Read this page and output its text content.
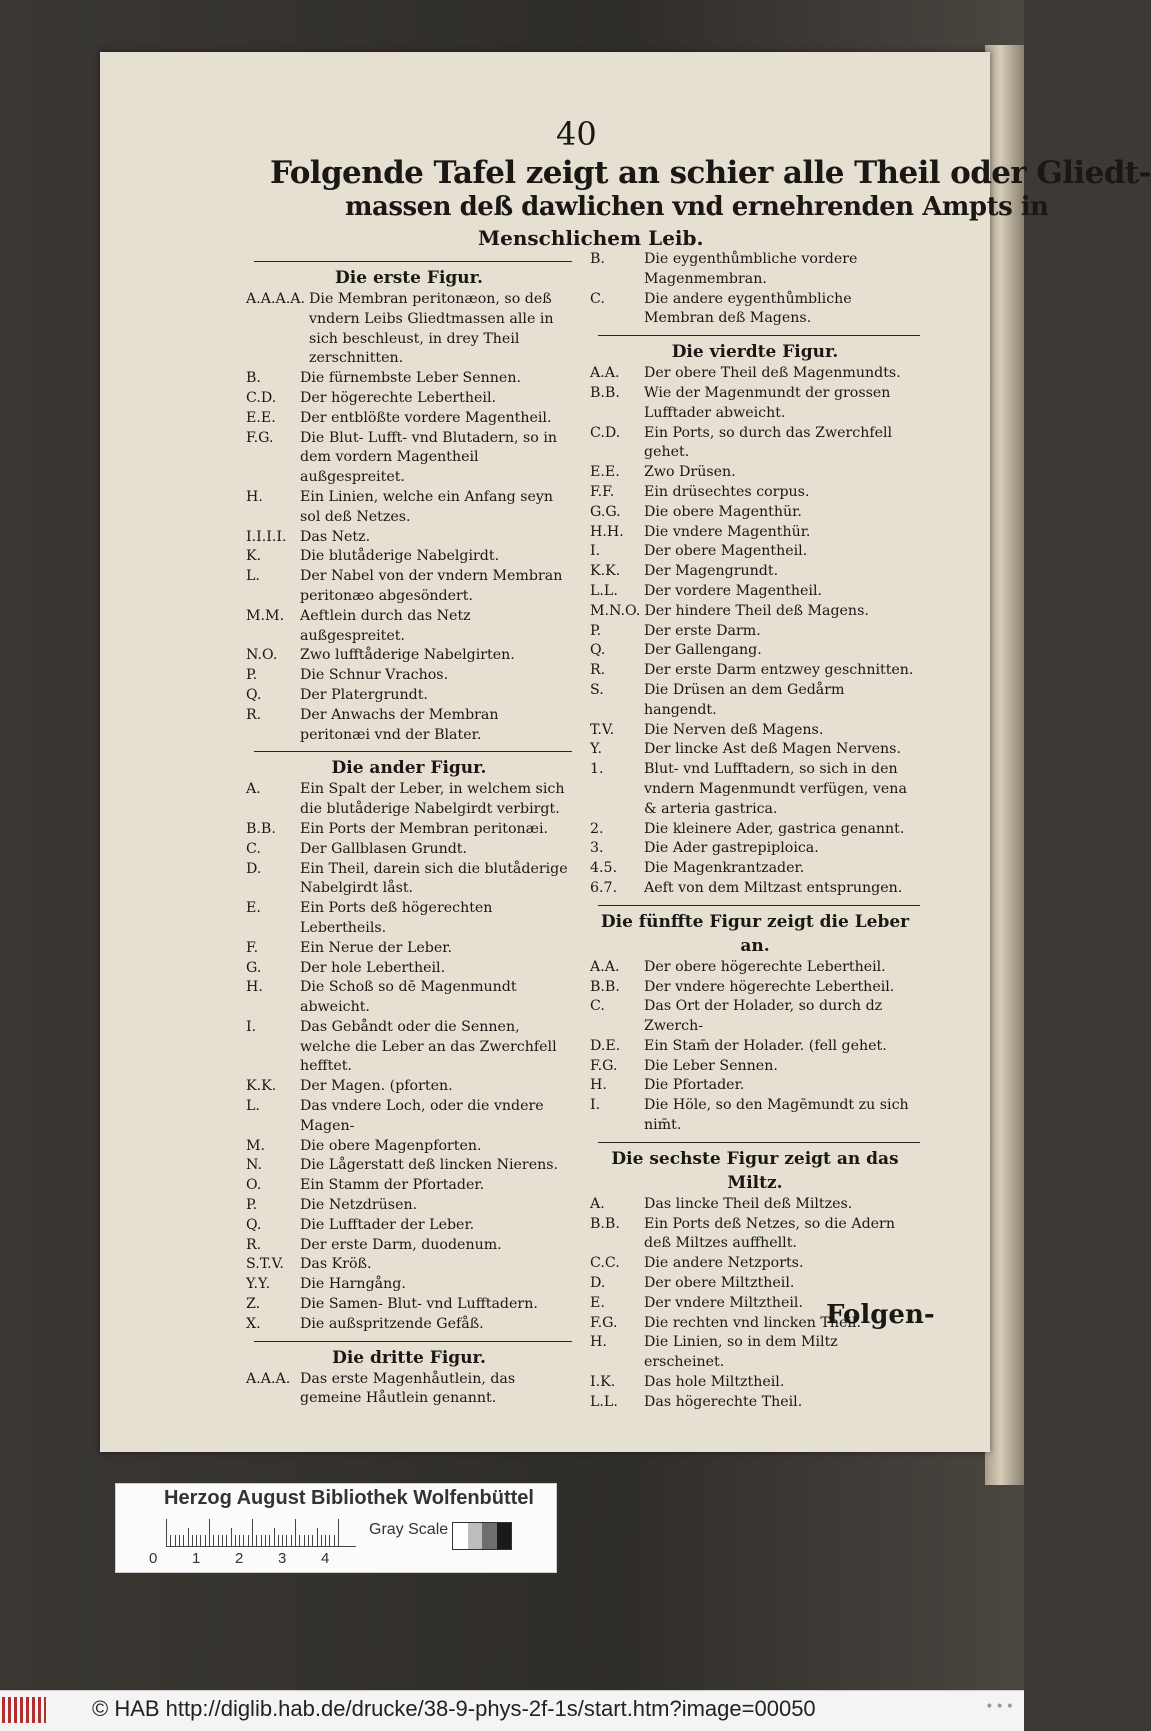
40
Folgende Tafel zeigt an schier alle Theil oder Gliedt-
massen deß dawlichen vnd ernehrenden Ampts in
Menschlichem Leib.
Die erste Figur.
A.A.A.A. Die Membran peritonæon, so deß vndern Leibs Gliedtmassen alle in sich beschleust, in drey Theil zerschnitten.
B.	Die fürnembste Leber Sennen.
C.D.	Der högerechte Lebertheil.
E.E.	Der entblößte vordere Magentheil.
F.G.	Die Blut- Lufft- vnd Blutadern, so in dem vordern Magentheil außgespreitet.
H.	Ein Linien, welche ein Anfang seyn sol deß Netzes.
I.I.I.I. Das Netz.
K.	Die blutåderige Nabelgirdt.
L.	Der Nabel von der vndern Membran peritonæo abgesöndert.
M.M.	Aeftlein durch das Netz außgespreitet.
N.O.	Zwo lufftåderige Nabelgirten.
P.	Die Schnur Vrachos.
Q.	Der Platergrundt.
R.	Der Anwachs der Membran peritonæi vnd der Blater.
Die ander Figur.
A.	Ein Spalt der Leber, in welchem sich die blutåderige Nabelgirdt verbirgt.
B.B.	Ein Ports der Membran peritonæi.
C.	Der Gallblasen Grundt.
D.	Ein Theil, darein sich die blutåderige Nabelgirdt låst.
E.	Ein Ports deß högerechten Lebertheils.
F.	Ein Nerue der Leber.
G.	Der hole Lebertheil.
H.	Die Schoß so dē Magenmundt abweicht.
I.	Das Gebåndt oder die Sennen, welche die Leber an das Zwerchfell hefftet.
K.K.	Der Magen. (pforten.
L.	Das vndere Loch, oder die vndere Magen-
M.	Die obere Magenpforten.
N.	Die Lågerstatt deß lincken Nierens.
O.	Ein Stamm der Pfortader.
P.	Die Netzdrüsen.
Q.	Die Lufftader der Leber.
R.	Der erste Darm, duodenum.
S.T.V.	Das Kröß.
Y.Y.	Die Harngång.
Z.	Die Samen- Blut- vnd Lufftadern.
X.	Die außspritzende Gefåß.
Die dritte Figur.
A.A.A. Das erste Magenhåutlein, das gemeine Håutlein genannt.
B.	Die eygenthůmbliche vordere Magenmembran.
C.	Die andere eygenthůmbliche Membran deß Magens.
Die vierdte Figur.
A.A.	Der obere Theil deß Magenmundts.
B.B.	Wie der Magenmundt der grossen Lufftader abweicht.
C.D.	Ein Ports, so durch das Zwerchfell gehet.
E.E.	Zwo Drüsen.
F.F.	Ein drüsechtes corpus.
G.G.	Die obere Magenthür.
H.H.	Die vndere Magenthür.
I.	Der obere Magentheil.
K.K.	Der Magengrundt.
L.L.	Der vordere Magentheil.
M.N.O. Der hindere Theil deß Magens.
P.	Der erste Darm.
Q.	Der Gallengang.
R.	Der erste Darm entzwey geschnitten.
S.	Die Drüsen an dem Gedårm hangendt.
T.V.	Die Nerven deß Magens.
Y.	Der lincke Ast deß Magen Nervens.
1.	Blut- vnd Lufftadern, so sich in den vndern Magenmundt verfügen, vena & arteria gastrica.
2.	Die kleinere Ader, gastrica genannt.
3.	Die Ader gastrepiploica.
4.5.	Die Magenkrantzader.
6.7.	Aeft von dem Miltzast entsprungen.
Die fünffte Figur zeigt die Leber an.
A.A.	Der obere högerechte Lebertheil.
B.B.	Der vndere högerechte Lebertheil.
C.	Das Ort der Holader, so durch dz Zwerch-
D.E.	Ein Stam̄ der Holader. (fell gehet.
F.G.	Die Leber Sennen.
H.	Die Pfortader.
I.	Die Höle, so den Magēmundt zu sich nim̄t.
Die sechste Figur zeigt an das Miltz.
A.	Das lincke Theil deß Miltzes.
B.B.	Ein Ports deß Netzes, so die Adern deß Miltzes auffhellt.
C.C.	Die andere Netzports.
D.	Der obere Miltztheil.
E.	Der vndere Miltztheil.
F.G.	Die rechten vnd lincken Theil.
H.	Die Linien, so in dem Miltz erscheinet.
I.K.	Das hole Miltztheil.
L.L.	Das högerechte Theil.
Folgen-
Herzog August Bibliothek Wolfenbüttel
0 1 2 3 4
Gray Scale
© HAB http://diglib.hab.de/drucke/38-9-phys-2f-1s/start.htm?image=00050	•••
